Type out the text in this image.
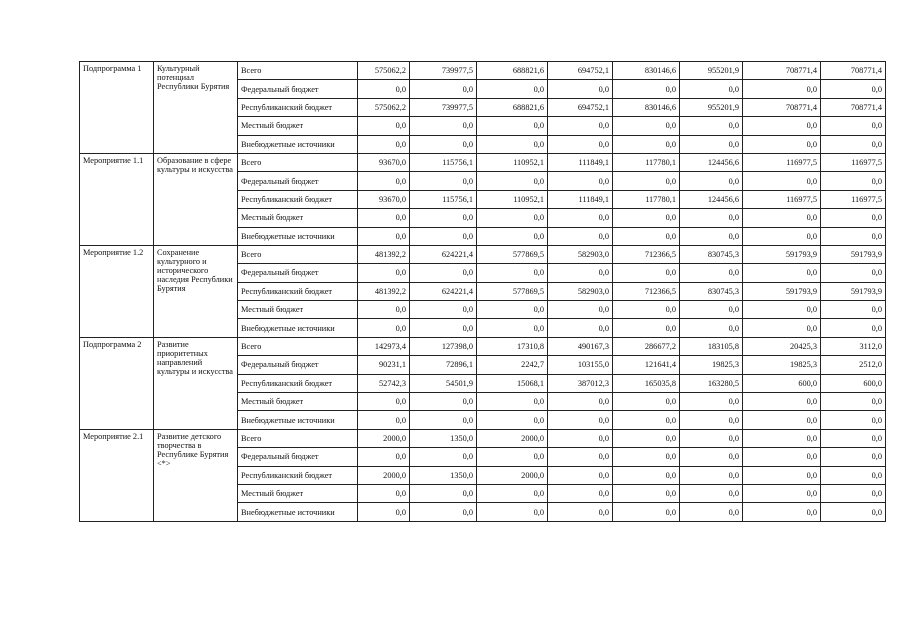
Подпрограмма 1	Культурный потенциал Республики Бурятия	Всего	575062,2	739977,5	688821,6	694752,1	830146,6	955201,9	708771,4	708771,4
		Федеральный бюджет	0,0	0,0	0,0	0,0	0,0	0,0	0,0	0,0
		Республиканский бюджет	575062,2	739977,5	688821,6	694752,1	830146,6	955201,9	708771,4	708771,4
		Местный бюджет	0,0	0,0	0,0	0,0	0,0	0,0	0,0	0,0
		Внебюджетные источники	0,0	0,0	0,0	0,0	0,0	0,0	0,0	0,0
Мероприятие 1.1	Образование в сфере культуры и искусства	Всего	93670,0	115756,1	110952,1	111849,1	117780,1	124456,6	116977,5	116977,5
		Федеральный бюджет	0,0	0,0	0,0	0,0	0,0	0,0	0,0	0,0
		Республиканский бюджет	93670,0	115756,1	110952,1	111849,1	117780,1	124456,6	116977,5	116977,5
		Местный бюджет	0,0	0,0	0,0	0,0	0,0	0,0	0,0	0,0
		Внебюджетные источники	0,0	0,0	0,0	0,0	0,0	0,0	0,0	0,0
Мероприятие 1.2	Сохранение культурного и исторического наследия Республики Бурятия	Всего	481392,2	624221,4	577869,5	582903,0	712366,5	830745,3	591793,9	591793,9
		Федеральный бюджет	0,0	0,0	0,0	0,0	0,0	0,0	0,0	0,0
		Республиканский бюджет	481392,2	624221,4	577869,5	582903,0	712366,5	830745,3	591793,9	591793,9
		Местный бюджет	0,0	0,0	0,0	0,0	0,0	0,0	0,0	0,0
		Внебюджетные источники	0,0	0,0	0,0	0,0	0,0	0,0	0,0	0,0
Подпрограмма 2	Развитие приоритетных направлений культуры и искусства	Всего	142973,4	127398,0	17310,8	490167,3	286677,2	183105,8	20425,3	3112,0
		Федеральный бюджет	90231,1	72896,1	2242,7	103155,0	121641,4	19825,3	19825,3	2512,0
		Республиканский бюджет	52742,3	54501,9	15068,1	387012,3	165035,8	163280,5	600,0	600,0
		Местный бюджет	0,0	0,0	0,0	0,0	0,0	0,0	0,0	0,0
		Внебюджетные источники	0,0	0,0	0,0	0,0	0,0	0,0	0,0	0,0
Мероприятие 2.1	Развитие детского творчества в Республике Бурятия <*>	Всего	2000,0	1350,0	2000,0	0,0	0,0	0,0	0,0	0,0
		Федеральный бюджет	0,0	0,0	0,0	0,0	0,0	0,0	0,0	0,0
		Республиканский бюджет	2000,0	1350,0	2000,0	0,0	0,0	0,0	0,0	0,0
		Местный бюджет	0,0	0,0	0,0	0,0	0,0	0,0	0,0	0,0
		Внебюджетные источники	0,0	0,0	0,0	0,0	0,0	0,0	0,0	0,0
